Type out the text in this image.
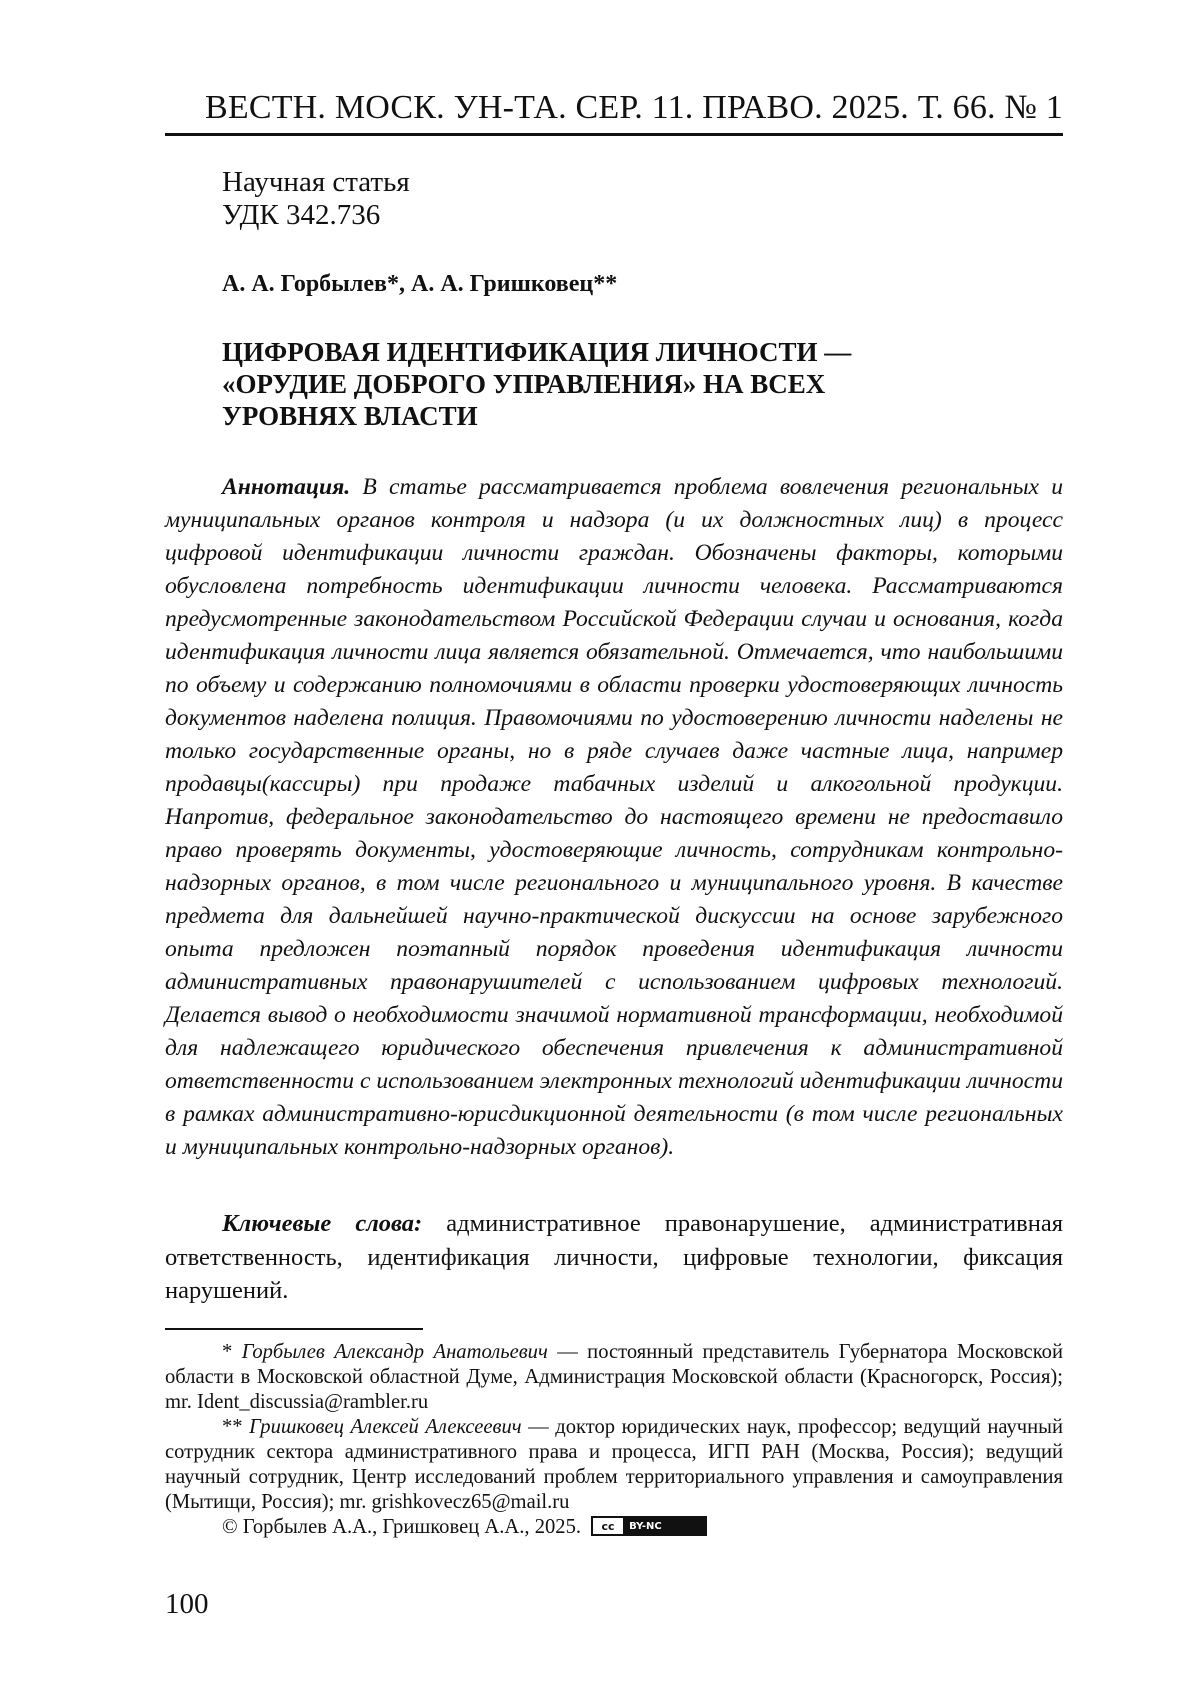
ВЕСТН. МОСК. УН-ТА. СЕР. 11. ПРАВО. 2025. Т. 66. № 1
Научная статья
УДК 342.736
А. А. Горбылев*, А. А. Гришковец**
ЦИФРОВАЯ ИДЕНТИФИКАЦИЯ ЛИЧНОСТИ —
«ОРУДИЕ ДОБРОГО УПРАВЛЕНИЯ» НА ВСЕХ
УРОВНЯХ ВЛАСТИ
Аннотация. В статье рассматривается проблема вовлечения региональных и муниципальных органов контроля и надзора (и их должностных лиц) в процесс цифровой идентификации личности граждан. Обозначены факторы, которыми обусловлена потребность идентификации личности человека. Рассматриваются предусмотренные законодательством Российской Федерации случаи и основания, когда идентификация личности лица является обязательной. Отмечается, что наибольшими по объему и содержанию полномочиями в области проверки удостоверяющих личность документов наделена полиция. Правомочиями по удостоверению личности наделены не только государственные органы, но в ряде случаев даже частные лица, например продавцы(кассиры) при продаже табачных изделий и алкогольной продукции. Напротив, федеральное законодательство до настоящего времени не предоставило право проверять документы, удостоверяющие личность, сотрудникам контрольно-надзорных органов, в том числе регионального и муниципального уровня. В качестве предмета для дальнейшей научно-практической дискуссии на основе зарубежного опыта предложен поэтапный порядок проведения идентификация личности административных правонарушителей с использованием цифровых технологий. Делается вывод о необходимости значимой нормативной трансформации, необходимой для надлежащего юридического обеспечения привлечения к административной ответственности с использованием электронных технологий идентификации личности в рамках административно-юрисдикционной деятельности (в том числе региональных и муниципальных контрольно-надзорных органов).
Ключевые слова: административное правонарушение, административная ответственность, идентификация личности, цифровые технологии, фиксация нарушений.

* Горбылев Александр Анатольевич — постоянный представитель Губернатора Московской области в Московской областной Думе, Администрация Московской области (Красногорск, Россия); mr. Ident_discussia@rambler.ru

** Гришковец Алексей Алексеевич — доктор юридических наук, профессор; ведущий научный сотрудник сектора административного права и процесса, ИГП РАН (Москва, Россия); ведущий научный сотрудник, Центр исследований проблем территориального управления и самоуправления (Мытищи, Россия); mr. grishkovecz65@mail.ru

© Горбылев А.А., Гришковец А.А., 2025.	cc	BY-NC
100
